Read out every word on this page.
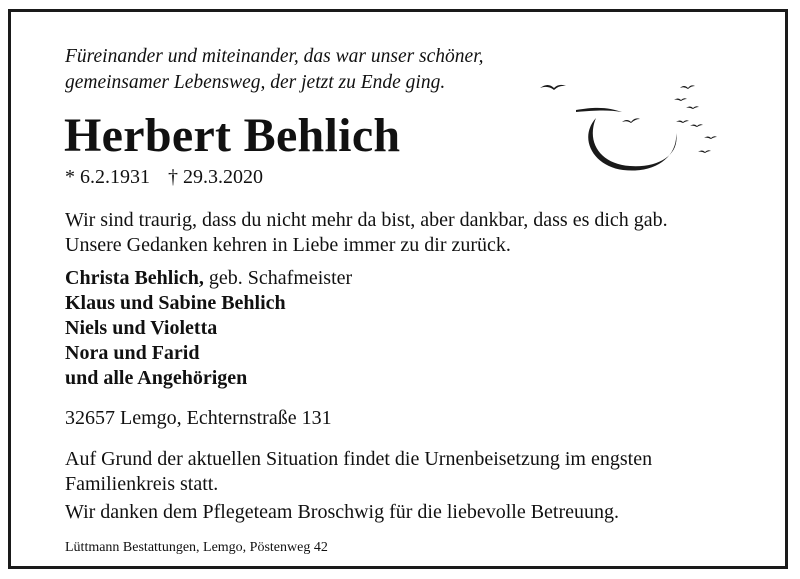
Füreinander und miteinander, das war unser schöner,
gemeinsamer Lebensweg, der jetzt zu Ende ging.
Herbert Behlich
* 6.2.1931 † 29.3.2020
Wir sind traurig, dass du nicht mehr da bist, aber dankbar, dass es dich gab.
Unsere Gedanken kehren in Liebe immer zu dir zurück.
Christa Behlich, geb. Schafmeister
Klaus und Sabine Behlich
Niels und Violetta
Nora und Farid
und alle Angehörigen
32657 Lemgo, Echternstraße 131
Auf Grund der aktuellen Situation findet die Urnenbeisetzung im engsten
Familienkreis statt.
Wir danken dem Pflegeteam Broschwig für die liebevolle Betreuung.
Lüttmann Bestattungen, Lemgo, Pöstenweg 42
